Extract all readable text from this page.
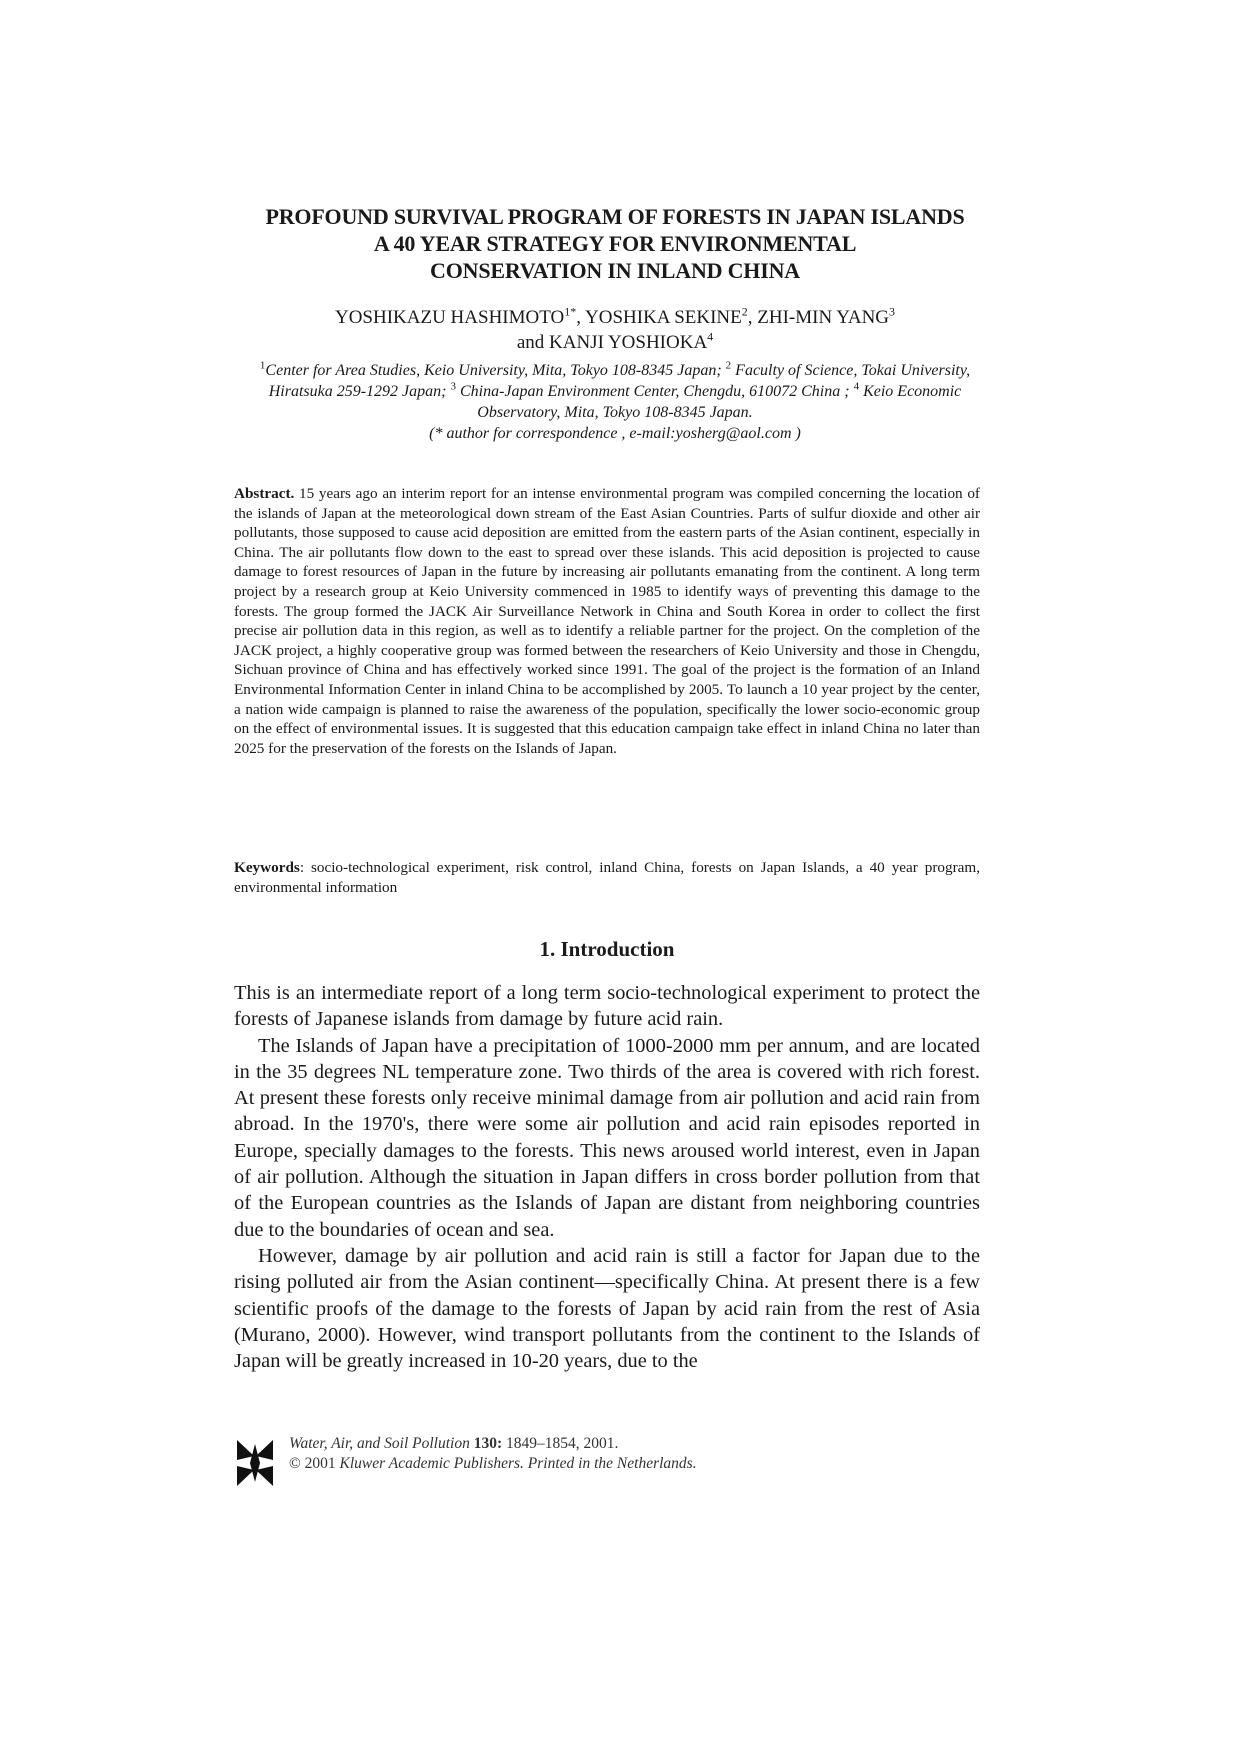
PROFOUND SURVIVAL PROGRAM OF FORESTS IN JAPAN ISLANDS
A 40 YEAR STRATEGY FOR ENVIRONMENTAL
CONSERVATION IN INLAND CHINA
YOSHIKAZU $HASHIMOTO^{1*}$, YOSHIKA SEKINE$^2$, ZHI-MIN YANG$^3$
and KANJI YOSHIOKA$^4$
$^1$Center for Area Studies, Keio University, Mita, Tokyo 108-8345 Japan; $^2$ Faculty of Science, Tokai University, Hiratsuka 259-1292 Japan; $^3$ China-Japan Environment Center, Chengdu, 610072 China ; $^4$ Keio Economic Observatory, Mita, Tokyo 108-8345 Japan.
(* author for correspondence , e-mail:yosherg@aol.com )
Abstract. 15 years ago an interim report for an intense environmental program was compiled concerning the location of the islands of Japan at the meteorological down stream of the East Asian Countries. Parts of sulfur dioxide and other air pollutants, those supposed to cause acid deposition are emitted from the eastern parts of the Asian continent, especially in China. The air pollutants flow down to the east to spread over these islands. This acid deposition is projected to cause damage to forest resources of Japan in the future by increasing air pollutants emanating from the continent. A long term project by a research group at Keio University commenced in 1985 to identify ways of preventing this damage to the forests. The group formed the JACK Air Surveillance Network in China and South Korea in order to collect the first precise air pollution data in this region, as well as to identify a reliable partner for the project. On the completion of the JACK project, a highly cooperative group was formed between the researchers of Keio University and those in Chengdu, Sichuan province of China and has effectively worked since 1991. The goal of the project is the formation of an Inland Environmental Information Center in inland China to be accomplished by 2005. To launch a 10 year project by the center, a nation wide campaign is planned to raise the awareness of the population, specifically the lower socio-economic group on the effect of environmental issues. It is suggested that this education campaign take effect in inland China no later than 2025 for the preservation of the forests on the Islands of Japan.
Keywords: socio-technological experiment, risk control, inland China, forests on Japan Islands, a 40 year program, environmental information
1. Introduction

This is an intermediate report of a long term socio-technological experiment to protect the forests of Japanese islands from damage by future acid rain.

The Islands of Japan have a precipitation of 1000-2000 mm per annum, and are located in the 35 degrees NL temperature zone. Two thirds of the area is covered with rich forest. At present these forests only receive minimal damage from air pollution and acid rain from abroad. In the 1970's, there were some air pollution and acid rain episodes reported in Europe, specially damages to the forests. This news aroused world interest, even in Japan of air pollution. Although the situation in Japan differs in cross border pollution from that of the European countries as the Islands of Japan are distant from neighboring countries due to the boundaries of ocean and sea.

However, damage by air pollution and acid rain is still a factor for Japan due to the rising polluted air from the Asian continent—specifically China. At present there is a few scientific proofs of the damage to the forests of Japan by acid rain from the rest of Asia (Murano, 2000). However, wind transport pollutants from the continent to the Islands of Japan will be greatly increased in 10-20 years, due to the

Water, Air, and Soil Pollution 130: 1849–1854, 2001.
© 2001 Kluwer Academic Publishers. Printed in the Netherlands.
